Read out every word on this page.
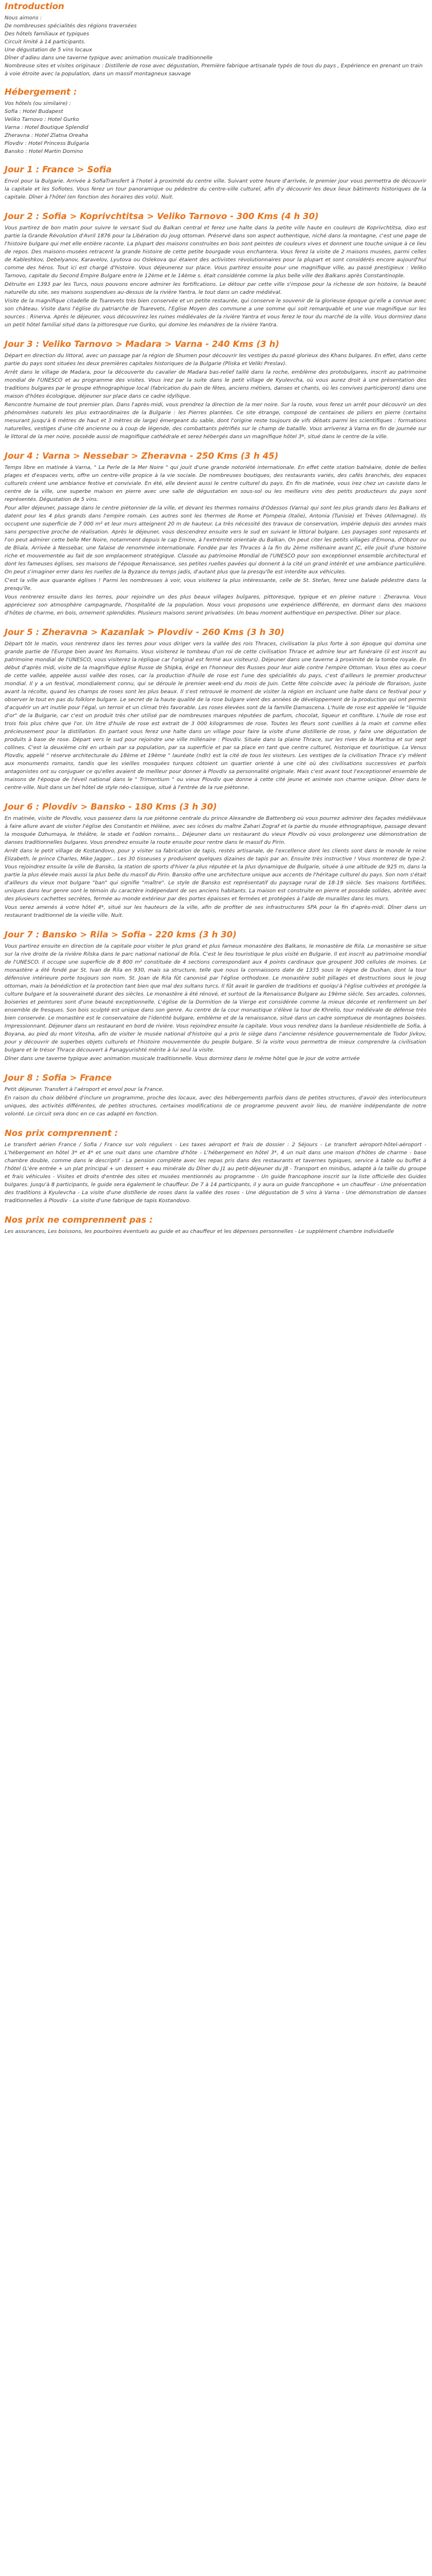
Introduction
Nous aimons :
De nombreuses spécialités des régions traversées
Des hôtels familiaux et typiques
Circuit limité à 14 participants.
Une dégustation de 5 vins locaux
Dîner d'adieu dans une taverne typique avec animation musicale traditionnelle
Nombreuse sites et visites originaux : Distillerie de rose avec dégustation, Première fabrique artisanale typés de tous du pays , Expérience en prenant un train à voie étroite avec la population, dans un massif montagneux sauvage
Hébergement :
Vos hôtels (ou similaire) :
Sofia : Hotel Budapest
Veliko Tarnovo : Hotel Gurko
Varna : Hotel Boutique Splendid
Zheravna : Hotel Zlatna Oreaha
Plovdiv : Hotel Princess Bulgaria
Bansko : Hotel Martin Domino
Jour 1 : France > Sofia

Envol pour la Bulgarie. Arrivée à SofiaTransfert à l'hotel à proximité du centre ville. Suivant votre heure d'arrivée, le premier jour vous permettra de découvrir la capitale et les Sofiotes. Vous ferez un tour panoramique ou pédestre du centre-ville culturel, afin d'y découvrir les deux lieux bâtiments historiques de la capitale. Dîner à l'hôtel (en fonction des horaires des vols). Nuit.

Jour 2 : Sofia > Koprivchtitsa > Veliko Tarnovo - 300 Kms (4 h 30)

Vous partirez de bon matin pour suivre le versant Sud du Balkan central et ferez une halte dans la petite ville haute en couleurs de Koprivchtitsa, dixo est partie la Grande Révolution d'Avril 1876 pour la Libération du joug ottoman. Préservé dans son aspect authentique, niché dans la montagne, c'est une page de l'histoire bulgare qui met elle entière raconte. La plupart des maisons construites en bois sont peintes de couleurs vives et donnent une touche unique à ce lieu de repos. Des maisons-musées retracent la grande histoire de cette petite bourgade vous enchantera. Vous ferez la visite de 2 maisons musées, parmi celles de Kableshkov, Debelyanov, Karavelov, Lyutova ou Oslekova qui étaient des activistes révolutionnaires pour la plupart et sont considérés encore aujourd'hui comme des héros. Tout ici est chargé d'histoire. Vous déjeunerez sur place. Vous partirez ensuite pour une magnifique ville, au passé prestigieux : Veliko Tarnovo, capitale du Second Empire Bulgare entre le 12ème et le 14ème s. était considérée comme la plus belle ville des Balkans après Constantinople.

Détruite en 1393 par les Turcs, nous pouvons encore admirer les fortifications. Le détour par cette ville s'impose pour la richesse de son histoire, la beauté naturelle du site, ses maisons suspendues au-dessus de la rivière Yantra, le tout dans un cadre médiéval.

Visite de la magnifique citadelle de Tsarevets très bien conservée et un petite restaurée, qui conserve le souvenir de la glorieuse époque qu'elle a connue avec son château. Visite dans l'église du patriarche de Tsarevets, l'Eglise Moyen des commune a une somme qui soit remarquable et une vue magnifique sur les sources : Rinerva. Après le déjeuner, vous découvrirez les ruines médiévales de la rivière Yantra et vous ferez le tour du marché de la ville. Vous dormirez dans un petit hôtel familial situé dans la pittoresque rue Gurko, qui domine les méandres de la rivière Yantra.

Jour 3 : Veliko Tarnovo > Madara > Varna - 240 Kms (3 h)

Départ en direction du littoral, avec un passage par la région de Shumen pour découvrir les vestiges du passé glorieux des Khans bulgares. En effet, dans cette partie du pays sont situées les deux premières capitales historiques de la Bulgarie (Pliska et Veliki Preslav).

Arrêt dans le village de Madara, pour la découverte du cavalier de Madara bas-relief taillé dans la roche, emblème des protobulgares, inscrit au patrimoine mondial de l'UNESCO et au programme des visites. Vous irez par la suite dans le petit village de Kyulevcha, où vous aurez droit à une présentation des traditions bulgares par le groupe ethnographique local (fabrication du pain de fêtes, anciens métiers, danses et chants, où les convives participeront) dans une maison d'hôtes écologique, déjeuner sur place dans ce cadre idyllique.

Rencontre humaine de tout premier plan. Dans l'après-midi, vous prendrez la direction de la mer noire. Sur la route, vous ferez un arrêt pour découvrir un des phénomènes naturels les plus extraordinaires de la Bulgarie : les Pierres plantées. Ce site étrange, composé de centaines de piliers en pierre (certains mesurant jusqu'à 6 mètres de haut et 3 mètres de large) émergeant du sable, dont l'origine reste toujours de vifs débats parmi les scientifiques : formations naturelles, vestiges d'une cité ancienne ou à coup de légende, des combattants pétrifiés sur le champ de bataille. Vous arriverez à Varna en fin de journée sur le littoral de la mer noire, possède aussi de magnifique cathédrale et serez hébergés dans un magnifique hôtel 3*, situé dans le centre de la ville.

Jour 4 : Varna > Nessebar > Zheravna - 250 Kms (3 h 45)

Temps libre en matinée à Varna, " La Perle de la Mer Noire " qui jouit d'une grande notoriété internationale. En effet cette station balnéaire, dotée de belles plages et d'espaces verts, offre un centre-ville propice à la vie sociale. De nombreuses boutiques, des restaurants variés, des cafés branchés, des espaces culturels créent une ambiance festive et conviviale. En été, elle devient aussi le centre culturel du pays. En fin de matinée, vous irez chez un caviste dans le centre de la ville, une superbe maison en pierre avec une salle de dégustation en sous-sol ou les meilleurs vins des petits producteurs du pays sont représentés. Dégustation de 5 vins.

Pour aller déjeuner, passage dans le centre piétonnier de la ville, et devant les thermes romains d'Odessos (Varna) qui sont les plus grands dans les Balkans et datent pour les 4 plus grands dans l'empire romain. Les autres sont les thermes de Rome et Pompeia (Italie), Antonia (Tunisie) et Trèves (Allemagne). Ils occupent une superficie de 7 000 m² et leur murs atteignent 20 m de hauteur. La très nécessité des travaux de conservation, impérie depuis des années mais sans perspective proche de réalisation. Après le déjeuner, vous descendrez ensuite vers le sud en suivant le littoral bulgare. Les paysages sont reposants et l'on peut admirer cette belle Mer Noire, notamment depuis le cap Emine, à l'extrémité orientale du Balkan. On peut citer les petits villages d'Emona, d'Obzor ou de Bliala. Arrivée à Nessebar, une falaise de renommée internationale. Fondée par les Thraces à la fin du 2ème millénaire avant JC, elle jouit d'une histoire riche et mouvementée au fait de son emplacement stratégique. Classée au patrimoine Mondial de l'UNESCO pour son exceptionnel ensemble architectural et dont les fameuses églises, ses maisons de l'époque Renaissance, ses petites ruelles pavées qui donnent à la cité un grand intérêt et une ambiance particulière. On peut s'imaginer errer dans les ruelles de la Byzance du temps jadis, d'autant plus que la presqu'île est interdite aux véhicules.

C'est la ville aux quarante églises ! Parmi les nombreuses à voir, vous visiterez la plus intéressante, celle de St. Stefan, ferez une balade pédestre dans la presqu'île.

Vous rentrerez ensuite dans les terres, pour rejoindre un des plus beaux villages bulgares, pittoresque, typique et en pleine nature : Zheravna. Vous apprécierez son atmosphère campagnarde, l'hospitalité de la population. Nous vous proposons une expérience différente, en dormant dans des maisons d'hôtes de charme, en bois, ornement splendides. Plusieurs maisons seront privatisées. Un beau moment authentique en perspective. Dîner sur place.

Jour 5 : Zheravna > Kazanlak > Plovdiv - 260 Kms (3 h 30)

Départ tôt le matin, vous rentrerez dans les terres pour vous diriger vers la vallée des rois Thraces, civilisation la plus forte à son époque qui domina une grande partie de l'Europe bien avant les Romains. Vous visiterez le tombeau d'un roi de cette civilisation Thrace et admire leur art funéraire (il est inscrit au patrimoine mondial de l'UNESCO, vous visiterez la réplique car l'original est fermé aux visiteurs). Déjeuner dans une taverne à proximité de la tombe royale. En début d'après midi, visite de la magnifique église Russe de Shipka, érigé en l'honneur des Russes pour leur aide contre l'empire Ottoman. Vous étes au coeur de cette vallée, appelée aussi vallée des roses, car la production d'huile de rose est l'une des spécialités du pays, c'est d'ailleurs le premier producteur mondial. Il y a un festival, mondialement connu, qui se déroule le premier week-end du mois de Juin. Cette fête coïncide avec la période de floraison, juste avant la récolte, quand les champs de roses sont les plus beaux. Il s'est retrouvé le moment de visiter la région en incluant une halte dans ce festival pour y observer le tout en pas du folklore bulgare. Le secret de la haute qualité de la rose bulgare vient des années de développement de la production qui ont permis d'acquérir un art inutile pour l'égal, un terroir et un climat très favorable. Les roses élevées sont de la famille Damascena. L'huile de rose est appelée le "liquide d'or" de la Bulgarie, car c'est un produit très cher utilisé par de nombreuses marques réputées de parfum, chocolat, liqueur et confiture. L'huile de rose est trois fois plus chère que l'or. Un litre d'huile de rose est extrait de 3 000 kilogrammes de rose. Toutes les fleurs sont cueillies à la main et comme elles précieusement pour la distillation. En partant vous ferez une halte dans un village pour faire la visite d'une distillerie de rose, y faire une dégustation de produits à base de rose. Départ vers le sud pour rejoindre une ville millénaire : Plovdiv. Située dans la plaine Thrace, sur les rives de la Maritsa et sur sept collines. C'est la deuxième cité en urbain par sa population, par sa superficie et par sa place en tant que centre culturel, historique et touristique. La Venus Plovdiv, appelé " réserve architecturale du 18ème et 19ème " lauréate (ndlr) est la cité de tous les visiteurs. Les vestiges de la civilisation Thrace s'y mêlent aux monuments romains, tandis que les vieilles mosquées turques côtoient un quartier orienté à une cité où des civilisations successives et parfois antagonistes ont su conjuguer ce qu'elles avaient de meilleur pour donner à Plovdiv sa personnalité originale. Mais c'est avant tout l'exceptionnel ensemble de maisons de l'époque de l'éveil national dans le " Trimontium " ou vieux Plovdiv que donne à cette cité jeune et animée son charme unique. Dîner dans le centre-ville. Nuit dans un bel hôtel de style néo-classique, situé à l'entrée de la rue piétonne.

Jour 6 : Plovdiv > Bansko - 180 Kms (3 h 30)

En matinée, visite de Plovdiv, vous passerez dans la rue piétonne centrale du prince Alexandre de Battenberg où vous pourrez admirer des façades médiévaux à faire allure avant de visiter l'église des Constantin et Hélène, avec ses icônes du maître Zahari Zograf et la partie du musée ethnographique, passage devant la mosquée Dzhumaya, le théâtre, le stade et l'odéon romains... Déjeuner dans un restaurant du vieux Plovdiv où vous prolongerez une démonstration de danses traditionnelles bulgares. Vous prendrez ensuite la route ensuite pour rentre dans le massif du Pirin.

Arrêt dans le petit village de Kostandovo, pour y visiter sa fabrication de tapis, restés artisanale, de l'excellence dont les clients sont dans le monde le reine Elizabeth, le prince Charles, Mike Jagger... Les 30 tisseuses y produisent quelques dizaines de tapis par an. Ensuite très instructive ! Vous monterez de type-2. Vous rejoindrez ensuite la ville de Bansko, la station de sports d'hiver la plus réputée et la plus dynamique de Bulgarie, située à une altitude de 925 m, dans la partie la plus élevée mais aussi la plus belle du massif du Pirin. Bansko offre une architecture unique aux accents de l'héritage culturel du pays. Son nom s'était d'ailleurs du vieux mot bulgare "ban" qui signifie "maître". Le style de Bansko est représentatif du paysage rural de 18-19 siècle. Ses maisons fortifiées, uniques dans leur genre sont le témoin du caractère indépendant de ses anciens habitants. La maison est construite en pierre et possède solides, abritée avec des plusieurs cachettes secrètes, fermée au monde extérieur par des portes épaisses et fermées et protégées à l'aide de murailles dans les murs.

Vous serez amenés à votre hôtel 4*, situé sur les hauteurs de la ville, afin de profiter de ses infrastructures SPA pour la fin d'après-midi. Dîner dans un restaurant traditionnel de la vieille ville. Nuit.

Jour 7 : Bansko > Rila > Sofia - 220 kms (3 h 30)

Vous partirez ensuite en direction de la capitale pour visiter le plus grand et plus fameux monastère des Balkans, le monastère de Rila. Le monastère se situe sur la rive droite de la rivière Rilska dans le parc national national de Rila. C'est le lieu touristique le plus visité en Bulgarie. Il est inscrit au patrimoine mondial de l'UNESCO. Il occupe une superficie de 8 800 m² constituée de 4 sections correspondant aux 4 points cardinaux que groupent 300 cellules de moines. Le monastère a été fondé par St. Ivan de Rila en 930, mais sa structure, telle que nous la connaissons date de 1335 sous le règne de Dushan, dont la tour défensive intérieure porte toujours son nom. St. Joan de Rila fût canonisé par l'église orthodoxe. Le monastère subit pillages et destructions sous le joug ottoman, mais la bénédiction et la protection tant bien que mal des sultans turcs. Il fût avait le gardien de traditions et quoiqu'à l'église cultivées et protégée la culture bulgare et la souveraineté durant des siècles. Le monastère à été rénové, et surtout de la Renaissance Bulgare au 19ème siècle. Ses arcades, colonnes, boiseries et peintures sont d'une beauté exceptionnelle. L'église de la Dormition de la Vierge est considérée comme la mieux décorée et renferment un bel ensemble de fresques. Son bois sculpté est unique dans son genre. Au centre de la cour monastique s'élève la tour de Khrelio, tour médiévale de défense très bien conservée. Le monastère est le conservatoire de l'identité bulgare, emblème et de la renaissance, situé dans un cadre somptueux de montagnes boisées. Impressionnant. Déjeuner dans un restaurant en bord de rivière. Vous rejoindrez ensuite la capitale. Vous vous rendrez dans la banlieue résidentielle de Sofia, à Boyana, au pied du mont Vitosha, afin de visiter le musée national d'histoire qui a pris le siège dans l'ancienne résidence gouvernementale de Todor Jivkov, pour y découvrir de superbes objets culturels et l'histoire mouvementée du peuple bulgare. Si la visite vous permettra de mieux comprendre la civilisation bulgare et le trésor Thrace découvert à Panagyurishté mérite à lui seul la visite.

Dîner dans une taverne typique avec animation musicale traditionnelle. Vous dormirez dans le même hôtel que le jour de votre arrivée

Jour 8 : Sofia > France

Petit déjeuner. Transfert à l'aéroport et envol pour la France.

En raison du choix délibéré d'inclure un programme, proche des locaux, avec des hébergements parfois dans de petites structures, d'avoir des interlocuteurs uniques, des activités différentes, de petites structures, certaines modifications de ce programme peuvent avoir lieu, de manière indépendante de notre volonté. Le circuit sera donc en ce cas adapté en fonction.

Nos prix comprennent :

Le transfert aérien France / Sofia / France sur vols réguliers - Les taxes aéroport et frais de dossier : 2 Séjours - Le transfert aéroport-hôtel-aéroport - L'hébergement en hôtel 3* et 4* et une nuit dans une chambre d'hôte - L'hébergement en hôtel 3*, 4 un nuit dans une maison d'hôtes de charme - base chambre double, comme dans le descriptif - La pension complète avec les repas pris dans des restaurants et tavernes typiques, service à table ou buffet à l'hôtel (L'ère entrée + un plat principal + un dessert + eau minérale du Dîner du J1 au petit-déjeuner du J8 - Transport en minibus, adapté à la taille du groupe et frais véhicules - Visites et droits d'entrée des sites et musées mentionnés au programme - Un guide francophone inscrit sur la liste officielle des Guides bulgares. Jusqu'à 8 participants, le guide sera également le chauffeur. De 7 à 14 participants, il y aura un guide francophone + un chauffeur - Une présentation des traditions à Kyulevcha - La visite d'une distillerie de roses dans la vallée des roses - Une dégustation de 5 vins à Varna - Une démonstration de danses traditionnelles à Plovdiv - La visite d'une fabrique de tapis Kostandovo.

Nos prix ne comprennent pas :

Les assurances, Les boissons, les pourboires éventuels au guide et au chauffeur et les dépenses personnelles - Le supplément chambre individuelle
